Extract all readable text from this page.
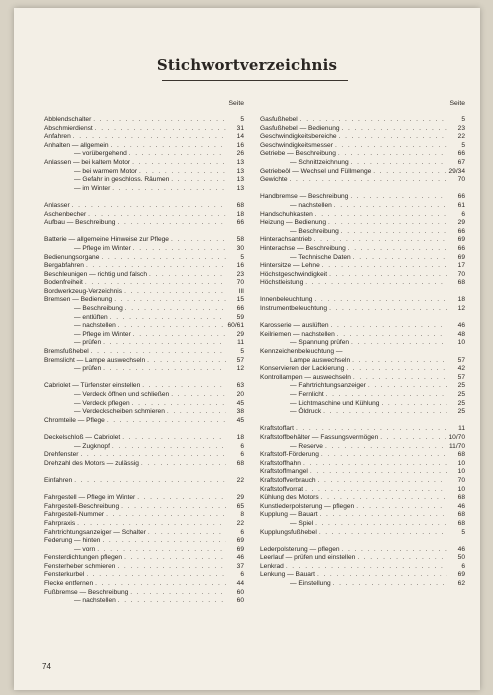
Stichwortverzeichnis
Seite
Abblendschalter . . .	5
Abschmierdienst . . .	31
Anfahren . . .	14
Anhalten — allgemein . . .	16
— vorübergehend . . .	26
Anlassen — bei kaltem Motor . . .	13
— bei warmem Motor . . .	13
— Gefahr in geschloss. Räumen . . .	13
— im Winter . . .	13
Anlasser . . .	68
Aschenbecher . . .	18
Aufbau — Beschreibung . . .	66
Batterie — allgemeine Hinweise zur Pflege . . .	58
— Pflege im Winter . . .	30
Bedienungsorgane . . .	5
Bergabfahren . . .	16
Beschleunigen — richtig und falsch . . .	23
Bodenfreiheit . . .	70
Bordwerkzeug-Verzeichnis . . .	III
Bremsen — Bedienung . . .	15
— Beschreibung . . .	66
— entlüften . . .	59
— nachstellen . . .	60/61
— Pflege im Winter . . .	29
— prüfen . . .	11
Bremsfußhebel . . .	5
Bremslicht — Lampe auswechseln . . .	57
— prüfen . . .	12
Cabriolet — Türfenster einstellen . . .	63
— Verdeck öffnen und schließen . . .	20
— Verdeck pflegen . . .	45
— Verdeckscheiben schmieren . . .	38
Chromteile — Pflege . . .	45
Deckelschloß — Cabriolet . . .	18
— Zugknopf . . .	6
Drehfenster . . .	6
Drehzahl des Motors — zulässig . . .	68
Einfahren . . .	22
Fahrgestell — Pflege im Winter . . .	29
Fahrgestell-Beschreibung . . .	65
Fahrgestell-Nummer . . .	8
Fahrpraxis . . .	22
Fahrtrichtungsanzeiger — Schalter . . .	6
Federung — hinten . . .	69
— vorn . . .	69
Fensterdichtungen pflegen . . .	46
Fensterheber schmieren . . .	37
Fensterkurbel . . .	6
Flecke entfernen . . .	44
Fußbremse — Beschreibung . . .	60
— nachstellen . . .	60
Seite
Gasfußhebel . . .	5
Gasfußhebel — Bedienung . . .	23
Geschwindigkeitsbereiche . . .	22
Geschwindigkeitsmesser . . .	5
Getriebe — Beschreibung . . .	66
— Schnittzeichnung . . .	67
Getriebeöl — Wechsel und Füllmenge . . .	29/34
Gewichte . . .	70
Handbremse — Beschreibung . . .	66
— nachstellen . . .	61
Handschuhkasten . . .	6
Heizung — Bedienung . . .	29
— Beschreibung . . .	66
Hinterachsantrieb . . .	69
Hinterachse — Beschreibung . . .	66
— Technische Daten . . .	69
Hintersitze — Lehne . . .	17
Höchstgeschwindigkeit . . .	70
Höchstleistung . . .	68
Innenbeleuchtung . . .	18
Instrumentbeleuchtung . . .	12
Karosserie — auslüften . . .	46
Keilriemen — nachstellen . . .	48
— Spannung prüfen . . .	10
Kennzeichenbeleuchtung —
Lampe auswechseln . . .	57
Konservieren der Lackierung . . .	42
Kontrollampen — auswechseln . . .	57
— Fahrtrichtungsanzeiger . . .	25
— Fernlicht . . .	25
— Lichtmaschine und Kühlung . . .	25
— Öldruck . . .	25
Kraftstoffart . . .	11
Kraftstoffbehälter — Fassungsvermögen . . .	10/70
— Reserve . . .	11/70
Kraftstoff-Förderung . . .	68
Kraftstoffhahn . . .	10
Kraftstoffmangel . . .	10
Kraftstoffverbrauch . . .	70
Kraftstoffvorrat . . .	10
Kühlung des Motors . . .	68
Kunstlederpolsterung — pflegen . . .	46
Kupplung — Bauart . . .	68
— Spiel . . .	68
Kupplungsfußhebel . . .	5
Lederpolsterung — pflegen . . .	46
Leerlauf — prüfen und einstellen . . .	50
Lenkrad . . .	6
Lenkung — Bauart . . .	69
— Einstellung . . .	62
74
